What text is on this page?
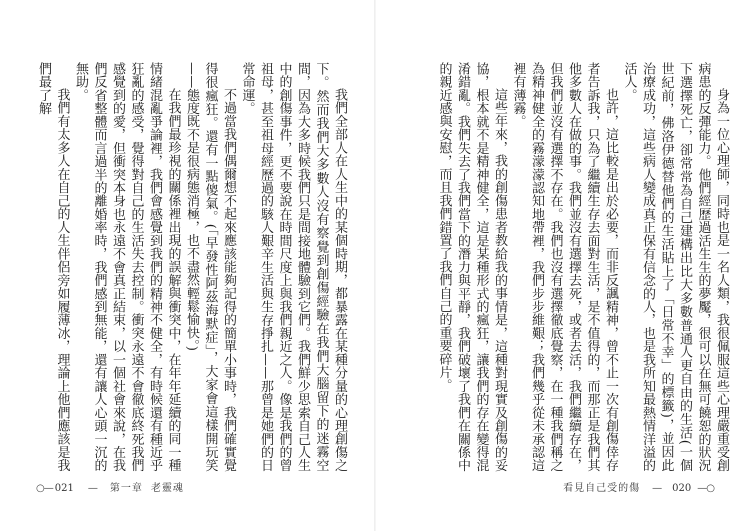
我們全部人在人生中的某個時期，都暴露在某種分量的心理創傷之下。然而我們大多數人沒有察覺到創傷經驗在我們大腦留下的迷霧空間，因為大多時候我們只是間接地體驗到它們。我們鮮少思索自己人生中的創傷事件，更不要說在時間尺度上與我們親近之人。像是我們的曾祖母，甚至祖母經歷過的駭人艱辛生活與生存掙扎——那曾是她們的日常命運。

不過當我們偶爾想不起來應該能夠記得的簡單小事時，我們確實覺得很瘋狂。還有一點傻氣。(「早發性阿茲海默症」，大家會這樣開玩笑——態度既不是很病態消極，也不盡然輕鬆愉快。)

在我們最珍視的關係裡出現的誤解與衝突中，在年年延續的同一種情緒混亂爭論裡，我們會感覺到我們的精神不健全，有時候還有種近乎狂亂的感受，覺得對自己的生活失去控制。衝突永遠不會徹底終死我們感覺到的愛，但衝突本身也永遠不會真正結束，以一個社會來說，在我們反省整體而言過半的離婚率時，我們感到無能，還有讓人心頭一沉的無助。

我們有太多人在自己的人生伴侶旁如履薄冰，理論上他們應該是我們最了解

○— 021 — 第一章 老靈魂	看見自己受的傷 — 020 —○

身為一位心理師，同時也是一名人類，我很佩服這些心理嚴重受創病患的反彈能力。他們經歷過活生生的夢魘，很可以在無可饒恕的狀況下選擇死亡，卻常常為自己建構出比大多數普通人更自由的生活(一個世紀前，佛洛伊德替他們的生活貼上了「日常不幸」的標籤)，並因此治療成功，這些病人變成真正保有信念的人，也是我所知最熱情洋溢的活人。

也許，這比較是出於必要，而非反諷精神，曾不止一次有創傷倖存者告訴我，只為了繼續生存去面對生活，是不值得的，而那正是我們其他多數人在做的事。我們並沒有選擇去死，或者去活，我們繼續存在，但我們並沒有選擇不存在。我們也沒有選擇徹底覺察，在一種我們稱之為精神健全的霧濛濛認知地帶裡，我們步步維艱；我們幾乎從未承認這裡有薄霧。

這些年來，我的創傷患者教給我的事情是，這種對現實及創傷的妥協，根本就不是精神健全，這是某種形式的瘋狂，讓我們的存在變得混淆錯亂。我們失去了我們當下的潛力與平靜，我們破壞了我們在關係中的親近感與安慰，而且我們錯置了我們自己的重要碎片。
